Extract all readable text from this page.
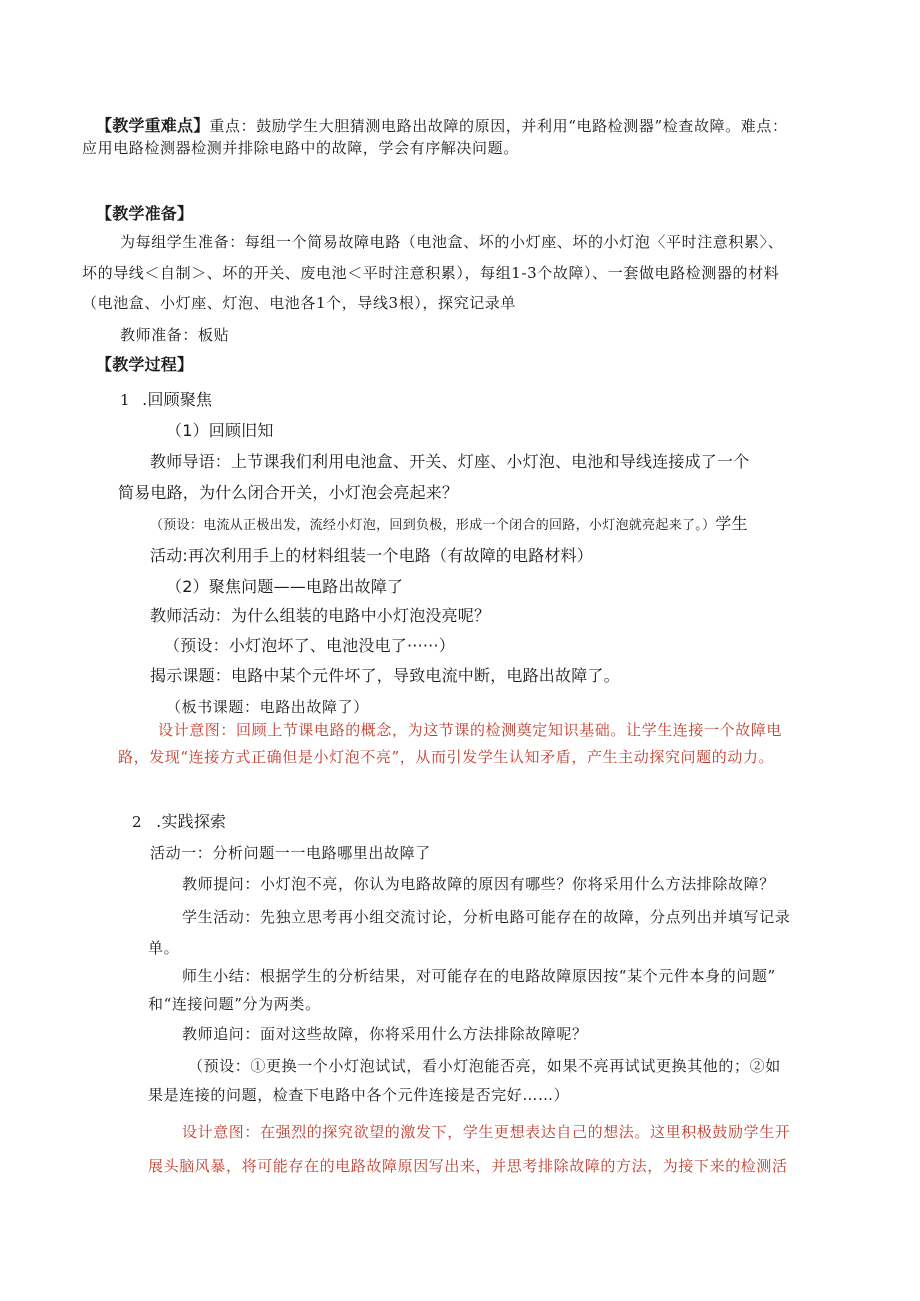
【教学重难点】重点：鼓励学生大胆猜测电路出故障的原因，并利用“电路检测器”检查故障。难点：
应用电路检测器检测并排除电路中的故障，学会有序解决问题。
【教学准备】
为每组学生准备：每组一个简易故障电路（电池盒、坏的小灯座、坏的小灯泡〈平时注意积累〉、
坏的导线＜自制＞、坏的开关、废电池＜平时注意积累），每组1-3个故障）、一套做电路检测器的材料
（电池盒、小灯座、灯泡、电池各1个，导线3根），探究记录单
教师准备：板贴
【教学过程】
1 .回顾聚焦
（1）回顾旧知
教师导语：上节课我们利用电池盒、开关、灯座、小灯泡、电池和导线连接成了一个
简易电路，为什么闭合开关，小灯泡会亮起来？
（预设：电流从正极出发，流经小灯泡，回到负极，形成一个闭合的回路，小灯泡就亮起来了。）学生
活动:再次利用手上的材料组装一个电路（有故障的电路材料）
（2）聚焦问题——电路出故障了
教师活动：为什么组装的电路中小灯泡没亮呢？
（预设：小灯泡坏了、电池没电了······）
揭示课题：电路中某个元件坏了，导致电流中断，电路出故障了。
（板书课题：电路出故障了）
设计意图：回顾上节课电路的概念，为这节课的检测奠定知识基础。让学生连接一个故障电
路，发现“连接方式正确但是小灯泡不亮”，从而引发学生认知矛盾，产生主动探究问题的动力。
2 .实践探索
活动一：分析问题一一电路哪里出故障了
教师提问：小灯泡不亮，你认为电路故障的原因有哪些？你将采用什么方法排除故障？
学生活动：先独立思考再小组交流讨论，分析电路可能存在的故障，分点列出并填写记录
单。
师生小结：根据学生的分析结果，对可能存在的电路故障原因按“某个元件本身的问题”
和“连接问题”分为两类。
教师追问：面对这些故障，你将采用什么方法排除故障呢？
（预设：①更换一个小灯泡试试，看小灯泡能否亮，如果不亮再试试更换其他的；②如
果是连接的问题，检查下电路中各个元件连接是否完好……）
设计意图：在强烈的探究欲望的激发下，学生更想表达自己的想法。这里积极鼓励学生开
展头脑风暴，将可能存在的电路故障原因写出来，并思考排除故障的方法，为接下来的检测活
